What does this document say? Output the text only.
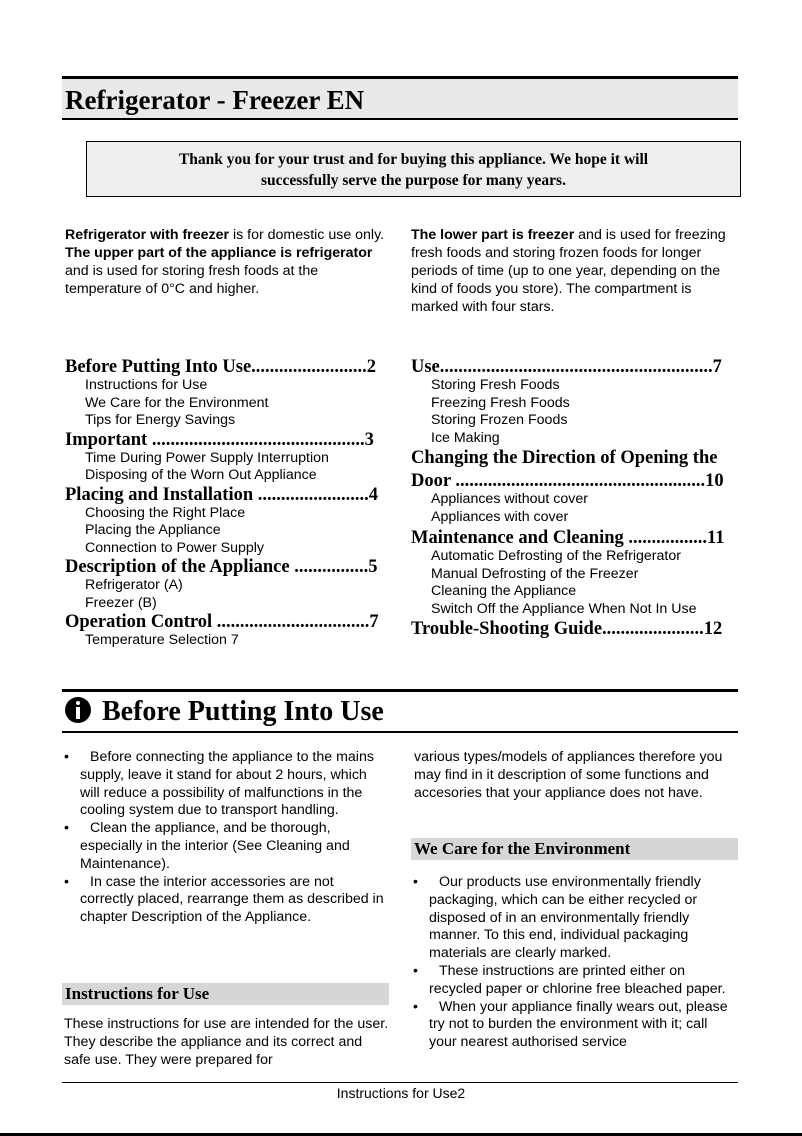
Refrigerator - Freezer EN
Thank you for your trust and for buying this appliance. We hope it will
successfully serve the purpose for many years.
Refrigerator with freezer is for domestic use only.
The upper part of the appliance is refrigerator and is used for storing fresh foods at the temperature of 0°C and higher.
The lower part is freezer and is used for freezing fresh foods and storing frozen foods for longer periods of time (up to one year, depending on the kind of foods you store). The compartment is marked with four stars.
Before Putting Into Use.........................2
Instructions for Use
We Care for the Environment
Tips for Energy Savings
Important ..............................................3
Time During Power Supply Interruption
Disposing of the Worn Out Appliance
Placing and Installation ........................4
Choosing the Right Place
Placing the Appliance
Connection to Power Supply
Description of the Appliance ................5
Refrigerator (A)
Freezer (B)
Operation Control .................................7
Temperature Selection 7
Use...........................................................7
Storing Fresh Foods
Freezing Fresh Foods
Storing Frozen Foods
Ice Making
Changing the Direction of Opening the
Door ......................................................10
Appliances without cover
Appliances with cover
Maintenance and Cleaning .................11
Automatic Defrosting of the Refrigerator
Manual Defrosting of the Freezer
Cleaning the Appliance
Switch Off the Appliance When Not In Use
Trouble-Shooting Guide......................12
Before Putting Into Use
• Before connecting the appliance to the mains supply, leave it stand for about 2 hours, which will reduce a possibility of malfunctions in the cooling system due to transport handling.
• Clean the appliance, and be thorough, especially in the interior (See Cleaning and Maintenance).
• In case the interior accessories are not correctly placed, rearrange them as described in chapter Description of the Appliance.
Instructions for Use
These instructions for use are intended for the user. They describe the appliance and its correct and safe use. They were prepared for
various types/models of appliances therefore you may find in it description of some functions and accesories that your appliance does not have.
We Care for the Environment
• Our products use environmentally friendly packaging, which can be either recycled or disposed of in an environmentally friendly manner. To this end, individual packaging materials are clearly marked.
• These instructions are printed either on recycled paper or chlorine free bleached paper.
• When your appliance finally wears out, please try not to burden the environment with it; call your nearest authorised service
Instructions for Use2
